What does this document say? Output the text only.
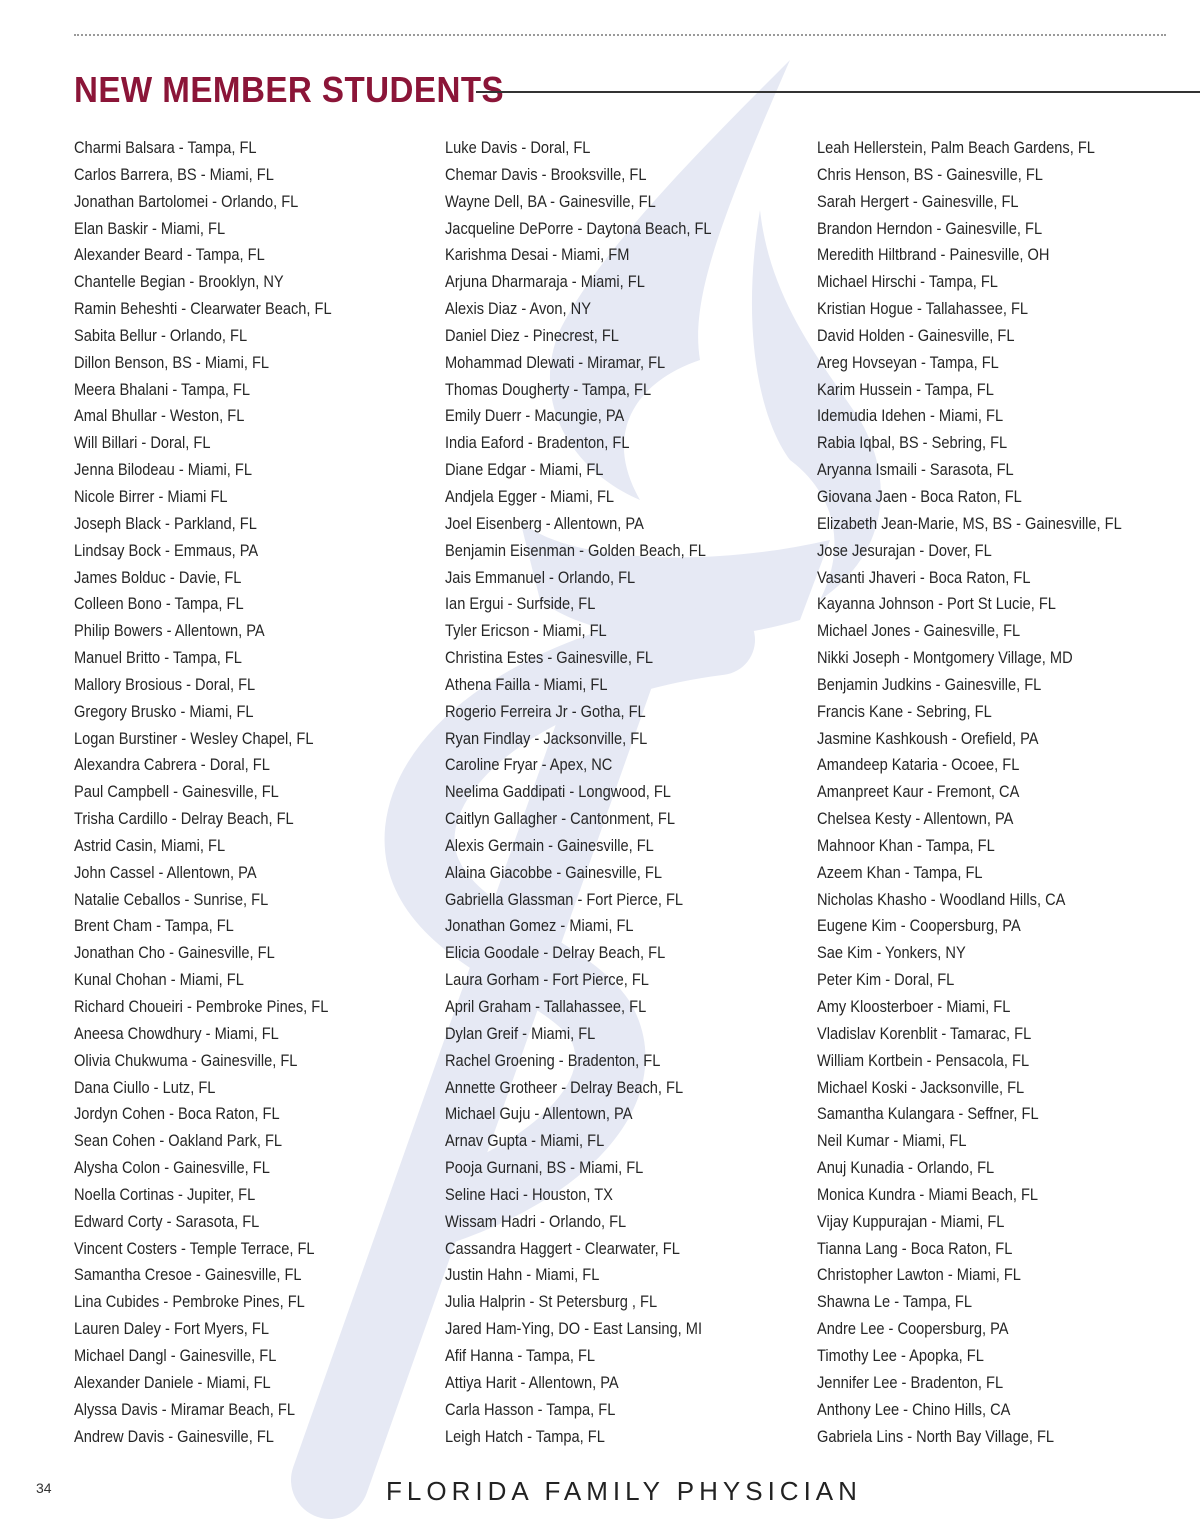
NEW MEMBER STUDENTS
Charmi Balsara - Tampa, FL
Carlos Barrera, BS - Miami, FL
Jonathan Bartolomei - Orlando, FL
Elan Baskir - Miami, FL
Alexander Beard - Tampa, FL
Chantelle Begian - Brooklyn, NY
Ramin Beheshti - Clearwater Beach, FL
Sabita Bellur - Orlando, FL
Dillon Benson, BS - Miami, FL
Meera Bhalani - Tampa, FL
Amal Bhullar - Weston, FL
Will Billari - Doral, FL
Jenna Bilodeau - Miami, FL
Nicole Birrer - Miami FL
Joseph Black - Parkland, FL
Lindsay Bock - Emmaus, PA
James Bolduc - Davie, FL
Colleen Bono - Tampa, FL
Philip Bowers - Allentown, PA
Manuel Britto - Tampa, FL
Mallory Brosious - Doral, FL
Gregory Brusko - Miami, FL
Logan Burstiner - Wesley Chapel, FL
Alexandra Cabrera - Doral, FL
Paul Campbell - Gainesville, FL
Trisha Cardillo - Delray Beach, FL
Astrid Casin, Miami, FL
John Cassel - Allentown, PA
Natalie Ceballos - Sunrise, FL
Brent Cham - Tampa, FL
Jonathan Cho - Gainesville, FL
Kunal Chohan - Miami, FL
Richard Choueiri - Pembroke Pines, FL
Aneesa Chowdhury - Miami, FL
Olivia Chukwuma - Gainesville, FL
Dana Ciullo - Lutz, FL
Jordyn Cohen - Boca Raton, FL
Sean Cohen - Oakland Park, FL
Alysha Colon - Gainesville, FL
Noella Cortinas - Jupiter, FL
Edward Corty - Sarasota, FL
Vincent Costers - Temple Terrace, FL
Samantha Cresoe - Gainesville, FL
Lina Cubides - Pembroke Pines, FL
Lauren Daley - Fort Myers, FL
Michael Dangl - Gainesville, FL
Alexander Daniele - Miami, FL
Alyssa Davis - Miramar Beach, FL
Andrew Davis - Gainesville, FL
Luke Davis - Doral, FL
Chemar Davis - Brooksville, FL
Wayne Dell, BA - Gainesville, FL
Jacqueline DePorre - Daytona Beach, FL
Karishma Desai - Miami, FM
Arjuna Dharmaraja - Miami, FL
Alexis Diaz - Avon, NY
Daniel Diez - Pinecrest, FL
Mohammad Dlewati - Miramar, FL
Thomas Dougherty - Tampa, FL
Emily Duerr - Macungie, PA
India Eaford - Bradenton, FL
Diane Edgar - Miami, FL
Andjela Egger - Miami, FL
Joel Eisenberg - Allentown, PA
Benjamin Eisenman - Golden Beach, FL
Jais Emmanuel - Orlando, FL
Ian Ergui - Surfside, FL
Tyler Ericson - Miami, FL
Christina Estes - Gainesville, FL
Athena Failla - Miami, FL
Rogerio Ferreira Jr - Gotha, FL
Ryan Findlay - Jacksonville, FL
Caroline Fryar - Apex, NC
Neelima Gaddipati - Longwood, FL
Caitlyn Gallagher - Cantonment, FL
Alexis Germain - Gainesville, FL
Alaina Giacobbe - Gainesville, FL
Gabriella Glassman - Fort Pierce, FL
Jonathan Gomez - Miami, FL
Elicia Goodale - Delray Beach, FL
Laura Gorham - Fort Pierce, FL
April Graham - Tallahassee, FL
Dylan Greif - Miami, FL
Rachel Groening - Bradenton, FL
Annette Grotheer - Delray Beach, FL
Michael Guju - Allentown, PA
Arnav Gupta - Miami, FL
Pooja Gurnani, BS - Miami, FL
Seline Haci - Houston, TX
Wissam Hadri - Orlando, FL
Cassandra Haggert - Clearwater, FL
Justin Hahn - Miami, FL
Julia Halprin - St Petersburg , FL
Jared Ham-Ying, DO - East Lansing, MI
Afif Hanna - Tampa, FL
Attiya Harit - Allentown, PA
Carla Hasson - Tampa, FL
Leigh Hatch - Tampa, FL
Leah Hellerstein, Palm Beach Gardens, FL
Chris Henson, BS - Gainesville, FL
Sarah Hergert - Gainesville, FL
Brandon Herndon - Gainesville, FL
Meredith Hiltbrand - Painesville, OH
Michael Hirschi - Tampa, FL
Kristian Hogue - Tallahassee, FL
David Holden - Gainesville, FL
Areg Hovseyan - Tampa, FL
Karim Hussein - Tampa, FL
Idemudia Idehen - Miami, FL
Rabia Iqbal, BS - Sebring, FL
Aryanna Ismaili - Sarasota, FL
Giovana Jaen - Boca Raton, FL
Elizabeth Jean-Marie, MS, BS - Gainesville, FL
Jose Jesurajan - Dover, FL
Vasanti Jhaveri - Boca Raton, FL
Kayanna Johnson - Port St Lucie, FL
Michael Jones - Gainesville, FL
Nikki Joseph - Montgomery Village, MD
Benjamin Judkins - Gainesville, FL
Francis Kane - Sebring, FL
Jasmine Kashkoush - Orefield, PA
Amandeep Kataria - Ocoee, FL
Amanpreet Kaur - Fremont, CA
Chelsea Kesty - Allentown, PA
Mahnoor Khan - Tampa, FL
Azeem Khan - Tampa, FL
Nicholas Khasho - Woodland Hills, CA
Eugene Kim - Coopersburg, PA
Sae Kim - Yonkers, NY
Peter Kim - Doral, FL
Amy Kloosterboer - Miami, FL
Vladislav Korenblit - Tamarac, FL
William Kortbein - Pensacola, FL
Michael Koski - Jacksonville, FL
Samantha Kulangara - Seffner, FL
Neil Kumar - Miami, FL
Anuj Kunadia - Orlando, FL
Monica Kundra - Miami Beach, FL
Vijay Kuppurajan - Miami, FL
Tianna Lang - Boca Raton, FL
Christopher Lawton - Miami, FL
Shawna Le - Tampa, FL
Andre Lee - Coopersburg, PA
Timothy Lee - Apopka, FL
Jennifer Lee - Bradenton, FL
Anthony Lee - Chino Hills, CA
Gabriela Lins - North Bay Village, FL
34	FLORIDA FAMILY PHYSICIAN
